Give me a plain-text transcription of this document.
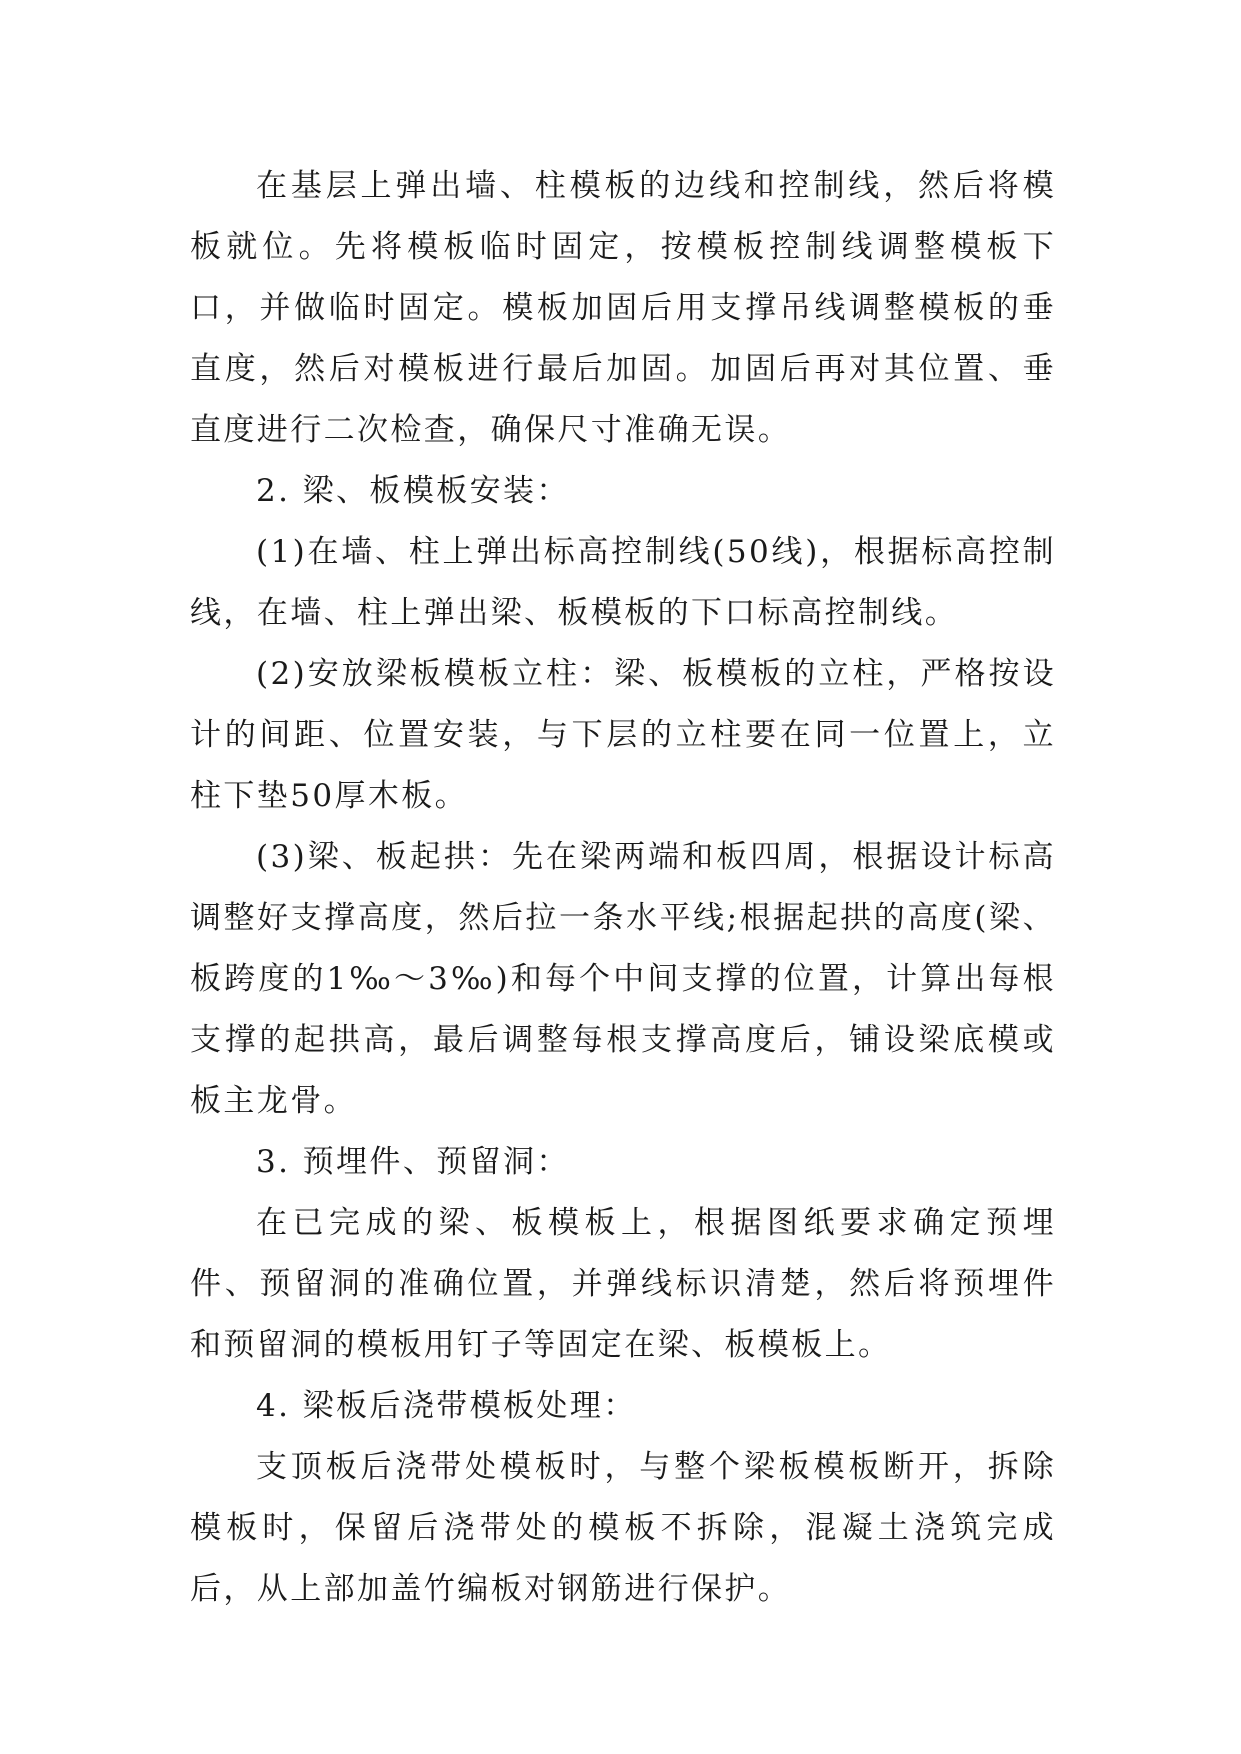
在基层上弹出墙、柱模板的边线和控制线，然后将模板就位。先将模板临时固定，按模板控制线调整模板下口，并做临时固定。模板加固后用支撑吊线调整模板的垂直度，然后对模板进行最后加固。加固后再对其位置、垂直度进行二次检查，确保尺寸准确无误。

2. 梁、板模板安装：

(1)在墙、柱上弹出标高控制线(50线)，根据标高控制线，在墙、柱上弹出梁、板模板的下口标高控制线。

(2)安放梁板模板立柱：梁、板模板的立柱，严格按设计的间距、位置安装，与下层的立柱要在同一位置上，立柱下垫50厚木板。

(3)梁、板起拱：先在梁两端和板四周，根据设计标高调整好支撑高度，然后拉一条水平线;根据起拱的高度(梁、板跨度的1‰～3‰)和每个中间支撑的位置，计算出每根支撑的起拱高，最后调整每根支撑高度后，铺设梁底模或板主龙骨。

3. 预埋件、预留洞：

在已完成的梁、板模板上，根据图纸要求确定预埋件、预留洞的准确位置，并弹线标识清楚，然后将预埋件和预留洞的模板用钉子等固定在梁、板模板上。

4. 梁板后浇带模板处理：

支顶板后浇带处模板时，与整个梁板模板断开，拆除模板时，保留后浇带处的模板不拆除，混凝土浇筑完成后，从上部加盖竹编板对钢筋进行保护。
